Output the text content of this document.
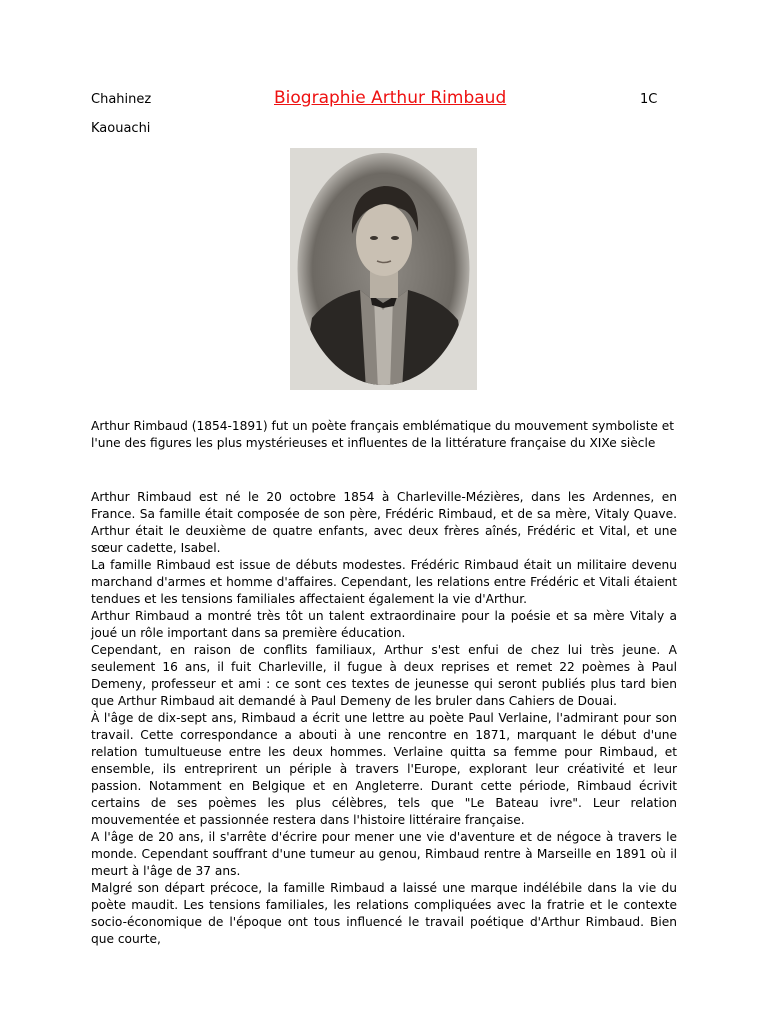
Chahinez
Kaouachi
Biographie Arthur Rimbaud	1C
Arthur Rimbaud (1854-1891) fut un poète français emblématique du mouvement symboliste et l'une des figures les plus mystérieuses et influentes de la littérature française du XIXe siècle

Arthur Rimbaud est né le 20 octobre 1854 à Charleville-Mézières, dans les Ardennes, en France. Sa famille était composée de son père, Frédéric Rimbaud, et de sa mère, Vitaly Quave. Arthur était le deuxième de quatre enfants, avec deux frères aînés, Frédéric et Vital, et une sœur cadette, Isabel.

La famille Rimbaud est issue de débuts modestes. Frédéric Rimbaud était un militaire devenu marchand d'armes et homme d'affaires. Cependant, les relations entre Frédéric et Vitali étaient tendues et les tensions familiales affectaient également la vie d'Arthur.

Arthur Rimbaud a montré très tôt un talent extraordinaire pour la poésie et sa mère Vitaly a joué un rôle important dans sa première éducation.

Cependant, en raison de conflits familiaux, Arthur s'est enfui de chez lui très jeune. A seulement 16 ans, il fuit Charleville, il fugue à deux reprises et remet 22 poèmes à Paul Demeny, professeur et ami : ce sont ces textes de jeunesse qui seront publiés plus tard bien que Arthur Rimbaud ait demandé à Paul Demeny de les bruler dans Cahiers de Douai.

À l'âge de dix-sept ans, Rimbaud a écrit une lettre au poète Paul Verlaine, l'admirant pour son travail. Cette correspondance a abouti à une rencontre en 1871, marquant le début d'une relation tumultueuse entre les deux hommes. Verlaine quitta sa femme pour Rimbaud, et ensemble, ils entreprirent un périple à travers l'Europe, explorant leur créativité et leur passion. Notamment en Belgique et en Angleterre. Durant cette période, Rimbaud écrivit certains de ses poèmes les plus célèbres, tels que "Le Bateau ivre". Leur relation mouvementée et passionnée restera dans l'histoire littéraire française.

A l'âge de 20 ans, il s'arrête d'écrire pour mener une vie d'aventure et de négoce à travers le monde. Cependant souffrant d'une tumeur au genou, Rimbaud rentre à Marseille en 1891 où il meurt à l'âge de 37 ans.

Malgré son départ précoce, la famille Rimbaud a laissé une marque indélébile dans la vie du poète maudit. Les tensions familiales, les relations compliquées avec la fratrie et le contexte socio-économique de l'époque ont tous influencé le travail poétique d'Arthur Rimbaud. Bien que courte,
